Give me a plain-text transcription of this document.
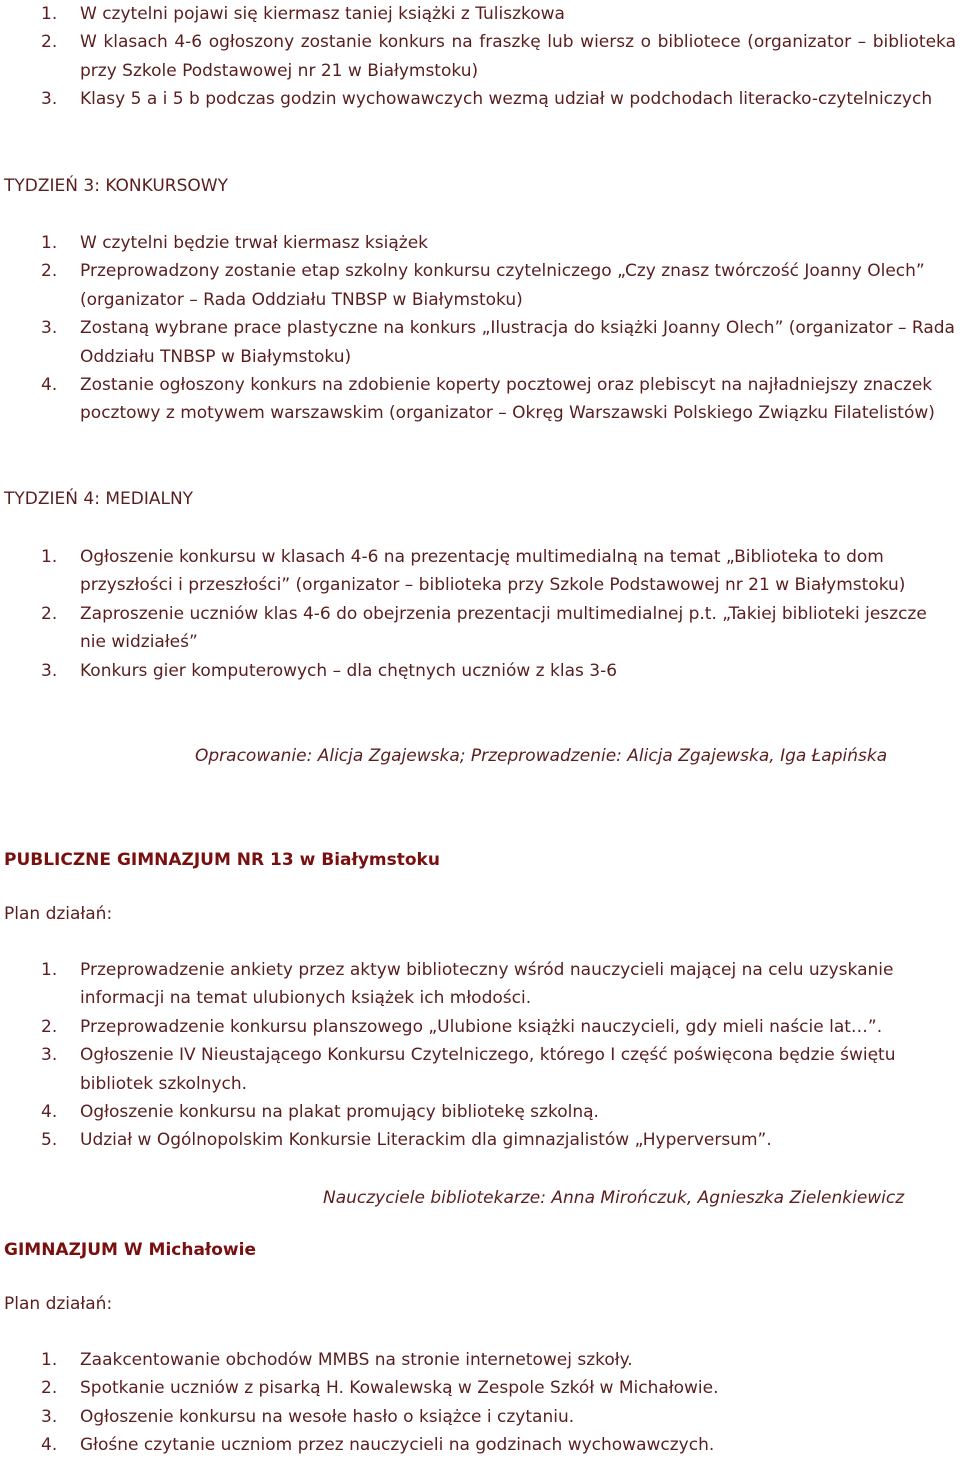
1. W czytelni pojawi się kiermasz taniej książki z Tuliszkowa
2. W klasach 4-6 ogłoszony zostanie konkurs na fraszkę lub wiersz o bibliotece (organizator – biblioteka przy Szkole Podstawowej nr 21 w Białymstoku)
3. Klasy 5 a i 5 b podczas godzin wychowawczych wezmą udział w podchodach literacko-czytelniczych
TYDZIEŃ 3: KONKURSOWY
1. W czytelni będzie trwał kiermasz książek
2. Przeprowadzony zostanie etap szkolny konkursu czytelniczego „Czy znasz twórczość Joanny Olech” (organizator – Rada Oddziału TNBSP w Białymstoku)
3. Zostaną wybrane prace plastyczne na konkurs „Ilustracja do książki Joanny Olech” (organizator – Rada Oddziału TNBSP w Białymstoku)
4. Zostanie ogłoszony konkurs na zdobienie koperty pocztowej oraz plebiscyt na najładniejszy znaczek pocztowy z motywem warszawskim (organizator – Okręg Warszawski Polskiego Związku Filatelistów)
TYDZIEŃ 4: MEDIALNY
1. Ogłoszenie konkursu w klasach 4-6 na prezentację multimedialną na temat „Biblioteka to dom przyszłości i przeszłości” (organizator – biblioteka przy Szkole Podstawowej nr 21 w Białymstoku)
2. Zaproszenie uczniów klas 4-6 do obejrzenia prezentacji multimedialnej p.t. „Takiej biblioteki jeszcze nie widziałeś”
3. Konkurs gier komputerowych – dla chętnych uczniów z klas 3-6
Opracowanie: Alicja Zgajewska; Przeprowadzenie: Alicja Zgajewska, Iga Łapińska
PUBLICZNE GIMNAZJUM NR 13 w Białymstoku
Plan działań:
1. Przeprowadzenie ankiety przez aktyw biblioteczny wśród nauczycieli mającej na celu uzyskanie informacji na temat ulubionych książek ich młodości.
2. Przeprowadzenie konkursu planszowego „Ulubione książki nauczycieli, gdy mieli naście lat…”.
3. Ogłoszenie IV Nieustającego Konkursu Czytelniczego, którego I część poświęcona będzie świętu bibliotek szkolnych.
4. Ogłoszenie konkursu na plakat promujący bibliotekę szkolną.
5. Udział w Ogólnopolskim Konkursie Literackim dla gimnazjalistów „Hyperversum”.
Nauczyciele bibliotekarze: Anna Mirończuk, Agnieszka Zielenkiewicz
GIMNAZJUM W Michałowie
Plan działań:
1. Zaakcentowanie obchodów MMBS na stronie internetowej szkoły.
2. Spotkanie uczniów z pisarką H. Kowalewską w Zespole Szkół w Michałowie.
3. Ogłoszenie konkursu na wesołe hasło o książce i czytaniu.
4. Głośne czytanie uczniom przez nauczycieli na godzinach wychowawczych.
